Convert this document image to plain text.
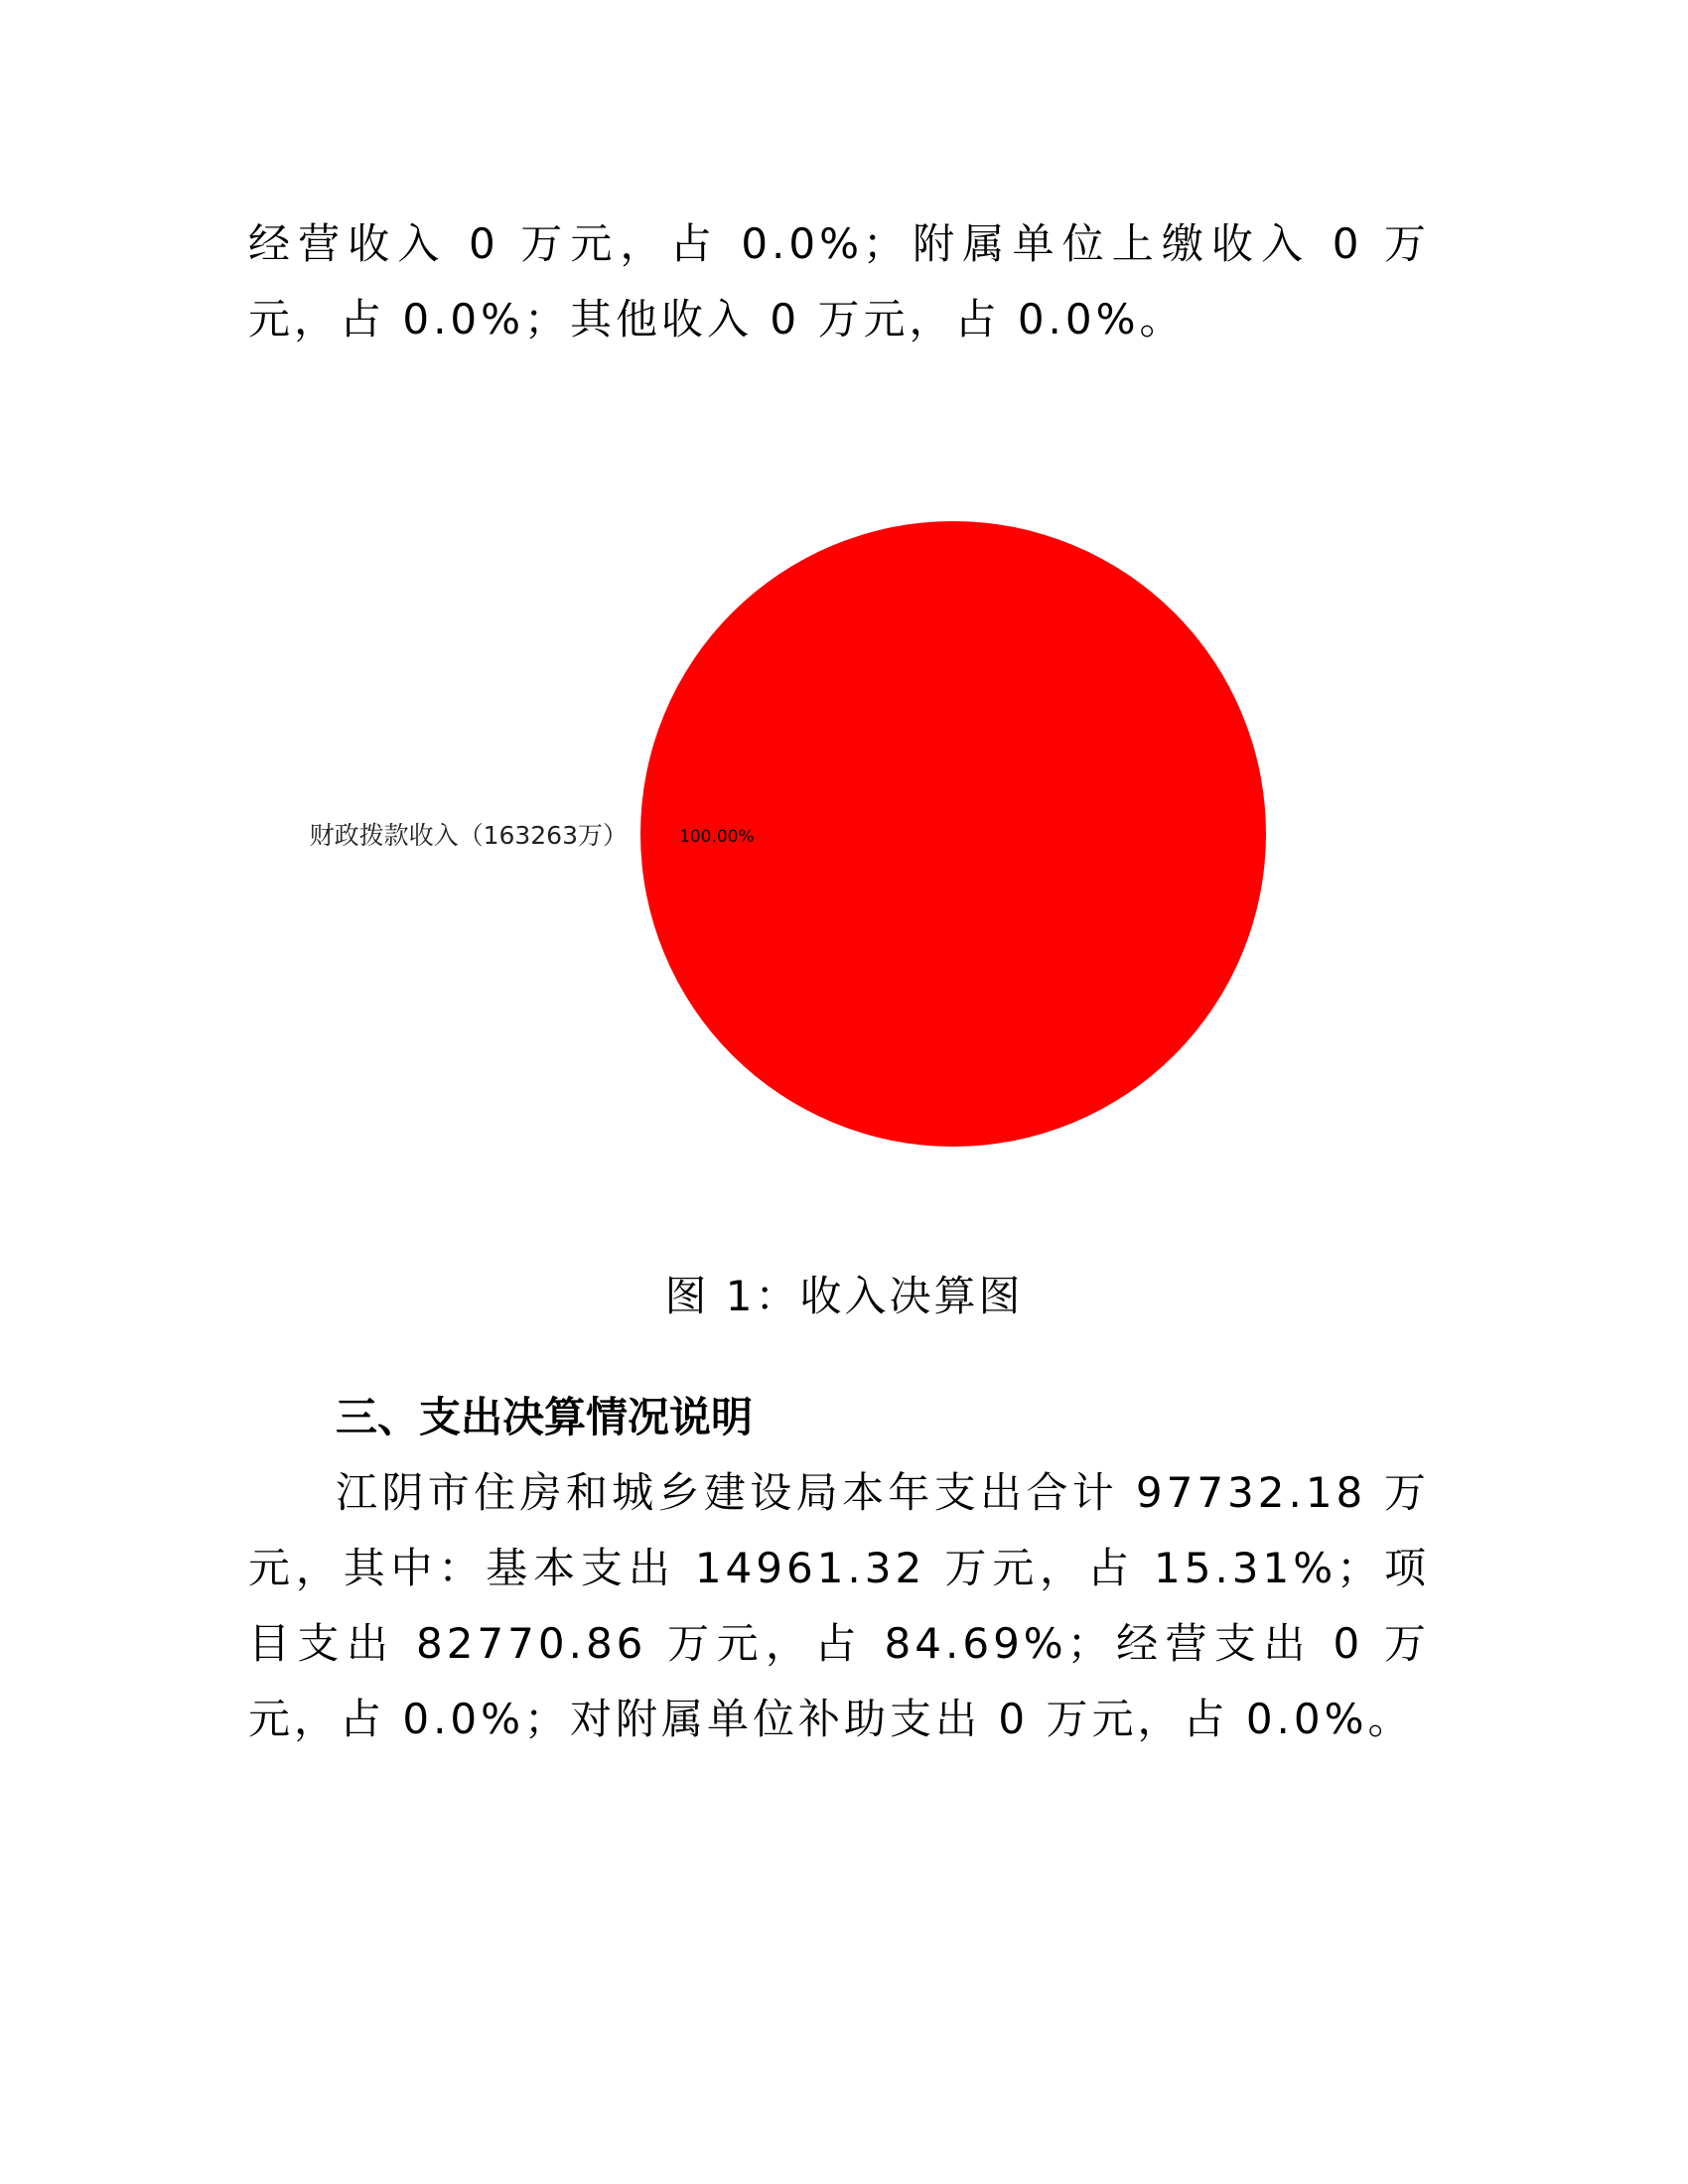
经营收入 0 万元，占 0.0%；附属单位上缴收入 0 万元，占 0.0%；其他收入 0 万元，占 0.0%。

财政拨款收入（163263万）	100.00%

图 1：收入决算图

三、支出决算情况说明

江阴市住房和城乡建设局本年支出合计 97732.18 万元，其中：基本支出 14961.32 万元，占 15.31%；项目支出 82770.86 万元，占 84.69%；经营支出 0 万元，占 0.0%；对附属单位补助支出 0 万元，占 0.0%。
